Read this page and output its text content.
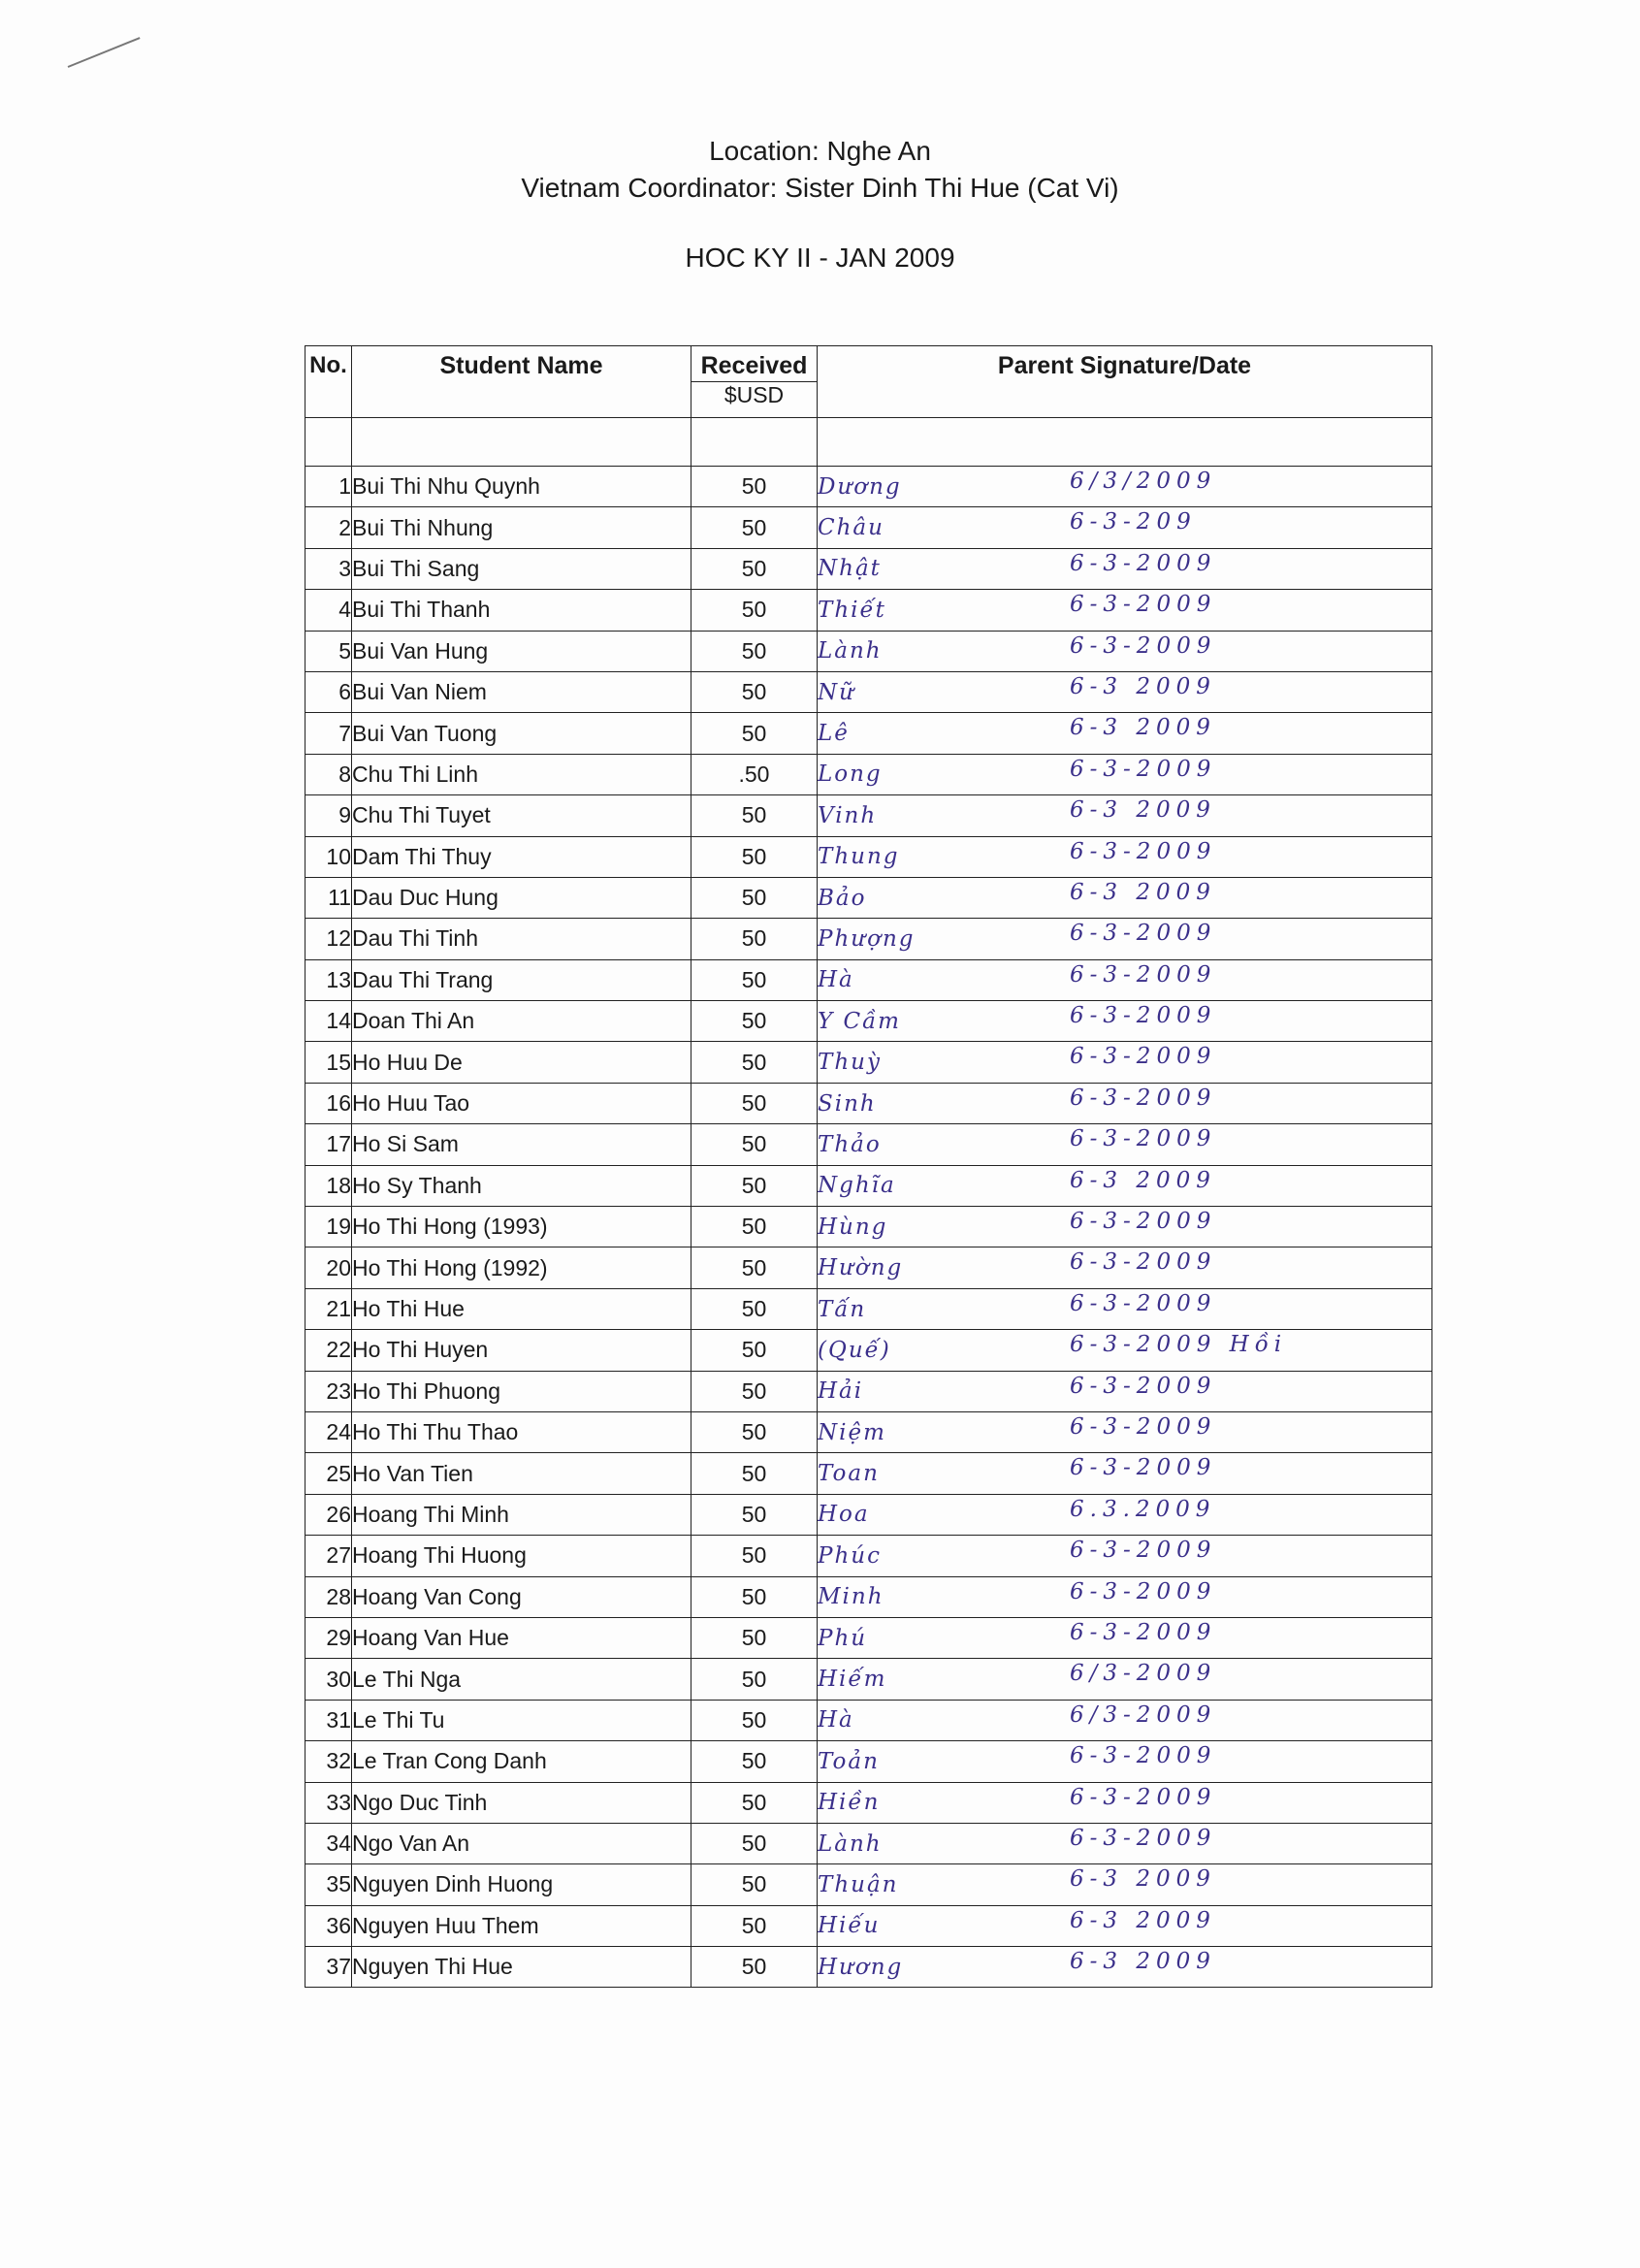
Location: Nghe An
Vietnam Coordinator: Sister Dinh Thi Hue (Cat Vi)
HOC KY II - JAN 2009
No.	Student Name	Received	Parent Signature/Date
		$USD	

1	Bui Thi Nhu Quynh	50	Dương 6/3/2009

2	Bui Thi Nhung	50	Châu 6-3-209

3	Bui Thi Sang	50	Nhật 6-3-2009

4	Bui Thi Thanh	50	Thiết 6-3-2009

5	Bui Van Hung	50	Lành 6-3-2009

6	Bui Van Niem	50	Nữ 6-3 2009

7	Bui Van Tuong	50	Lê 6-3 2009

8	Chu Thi Linh	.50	Long 6-3-2009

9	Chu Thi Tuyet	50	Vinh 6-3 2009

10	Dam Thi Thuy	50	Thung 6-3-2009

11	Dau Duc Hung	50	Bảo 6-3 2009

12	Dau Thi Tinh	50	Phượng 6-3-2009

13	Dau Thi Trang	50	Hà 6-3-2009

14	Doan Thi An	50	Y Cầm 6-3-2009

15	Ho Huu De	50	Thuỳ 6-3-2009

16	Ho Huu Tao	50	Sinh 6-3-2009

17	Ho Si Sam	50	Thảo 6-3-2009

18	Ho Sy Thanh	50	Nghĩa 6-3 2009

19	Ho Thi Hong (1993)	50	Hùng 6-3-2009

20	Ho Thi Hong (1992)	50	Hường 6-3-2009

21	Ho Thi Hue	50	Tấn 6-3-2009

22	Ho Thi Huyen	50	(Quế) 6-3-2009 Hồi

23	Ho Thi Phuong	50	Hải 6-3-2009

24	Ho Thi Thu Thao	50	Niệm 6-3-2009

25	Ho Van Tien	50	Toan 6-3-2009

26	Hoang Thi Minh	50	Hoa 6.3.2009

27	Hoang Thi Huong	50	Phúc 6-3-2009

28	Hoang Van Cong	50	Minh 6-3-2009

29	Hoang Van Hue	50	Phú 6-3-2009

30	Le Thi Nga	50	Hiếm 6/3-2009

31	Le Thi Tu	50	Hà 6/3-2009

32	Le Tran Cong Danh	50	Toản 6-3-2009

33	Ngo Duc Tinh	50	Hiền 6-3-2009

34	Ngo Van An	50	Lành 6-3-2009

35	Nguyen Dinh Huong	50	Thuận 6-3 2009

36	Nguyen Huu Them	50	Hiếu 6-3 2009

37	Nguyen Thi Hue	50	Hương 6-3 2009
